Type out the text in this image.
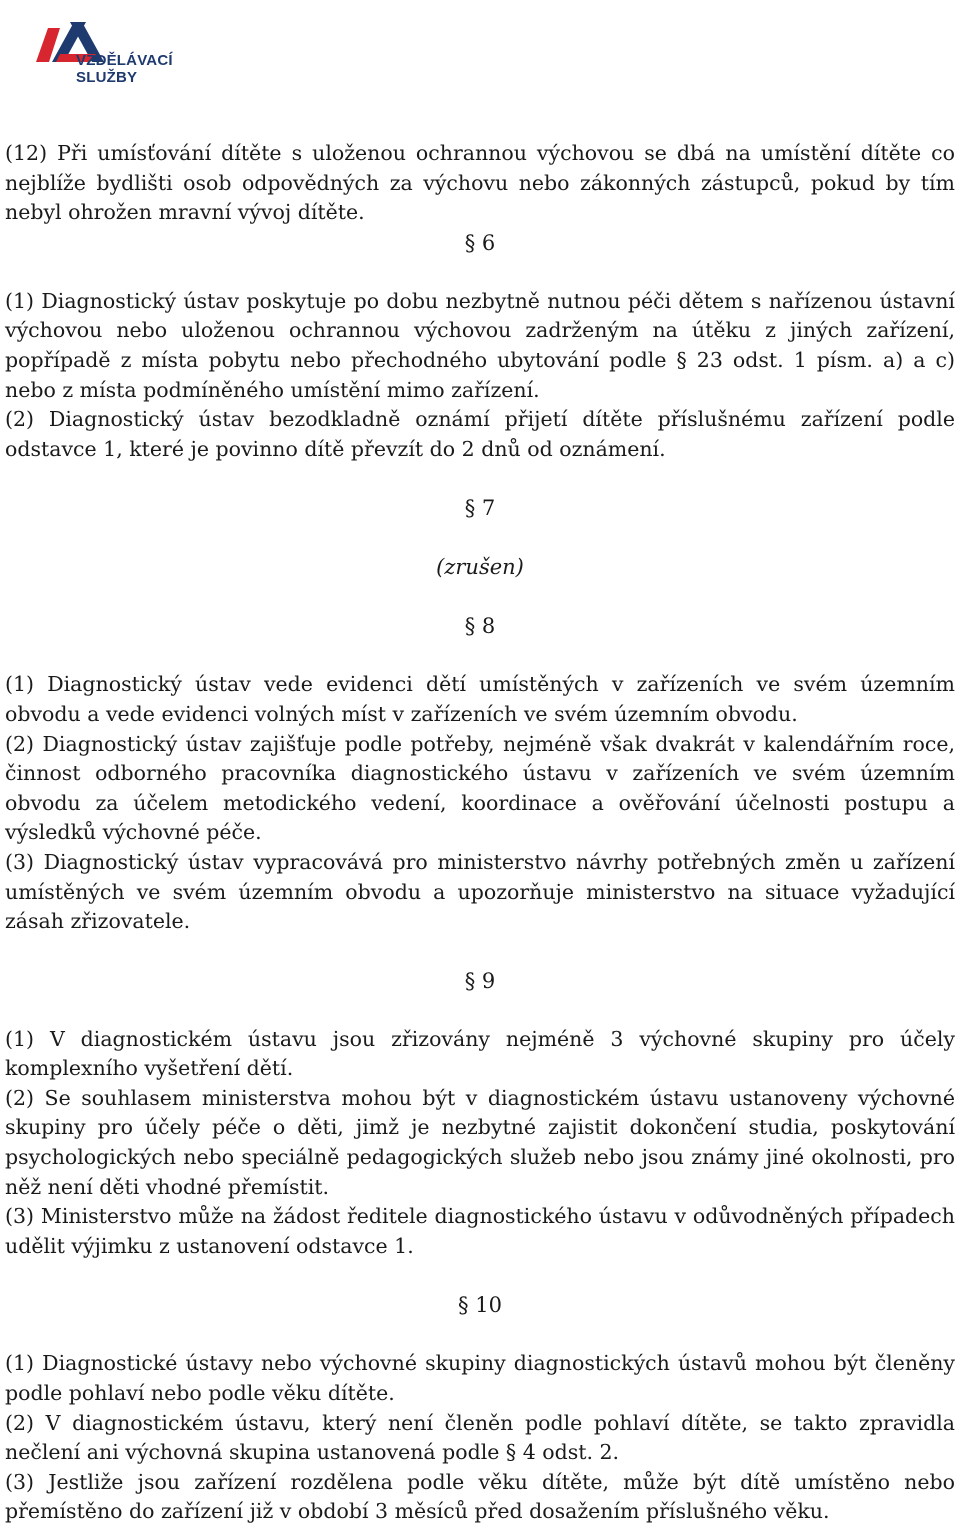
VZDĚLÁVACÍ
SLUŽBY

(12) Při umísťování dítěte s uloženou ochrannou výchovou se dbá na umístění dítěte co nejblíže bydlišti osob odpovědných za výchovu nebo zákonných zástupců, pokud by tím nebyl ohrožen mravní vývoj dítěte.

§ 6

(1) Diagnostický ústav poskytuje po dobu nezbytně nutnou péči dětem s nařízenou ústavní výchovou nebo uloženou ochrannou výchovou zadrženým na útěku z jiných zařízení, popřípadě z místa pobytu nebo přechodného ubytování podle § 23 odst. 1 písm. a) a c) nebo z místa podmíněného umístění mimo zařízení.

(2) Diagnostický ústav bezodkladně oznámí přijetí dítěte příslušnému zařízení podle odstavce 1, které je povinno dítě převzít do 2 dnů od oznámení.

§ 7
(zrušen)
§ 8

(1) Diagnostický ústav vede evidenci dětí umístěných v zařízeních ve svém územním obvodu a vede evidenci volných míst v zařízeních ve svém územním obvodu.

(2) Diagnostický ústav zajišťuje podle potřeby, nejméně však dvakrát v kalendářním roce, činnost odborného pracovníka diagnostického ústavu v zařízeních ve svém územním obvodu za účelem metodického vedení, koordinace a ověřování účelnosti postupu a výsledků výchovné péče.

(3) Diagnostický ústav vypracovává pro ministerstvo návrhy potřebných změn u zařízení umístěných ve svém územním obvodu a upozorňuje ministerstvo na situace vyžadující zásah zřizovatele.

§ 9

(1) V diagnostickém ústavu jsou zřizovány nejméně 3 výchovné skupiny pro účely komplexního vyšetření dětí.

(2) Se souhlasem ministerstva mohou být v diagnostickém ústavu ustanoveny výchovné skupiny pro účely péče o děti, jimž je nezbytné zajistit dokončení studia, poskytování psychologických nebo speciálně pedagogických služeb nebo jsou známy jiné okolnosti, pro něž není děti vhodné přemístit.

(3) Ministerstvo může na žádost ředitele diagnostického ústavu v odůvodněných případech udělit výjimku z ustanovení odstavce 1.

§ 10

(1) Diagnostické ústavy nebo výchovné skupiny diagnostických ústavů mohou být členěny podle pohlaví nebo podle věku dítěte.

(2) V diagnostickém ústavu, který není členěn podle pohlaví dítěte, se takto zpravidla nečlení ani výchovná skupina ustanovená podle § 4 odst. 2.

(3) Jestliže jsou zařízení rozdělena podle věku dítěte, může být dítě umístěno nebo přemístěno do zařízení již v období 3 měsíců před dosažením příslušného věku.
